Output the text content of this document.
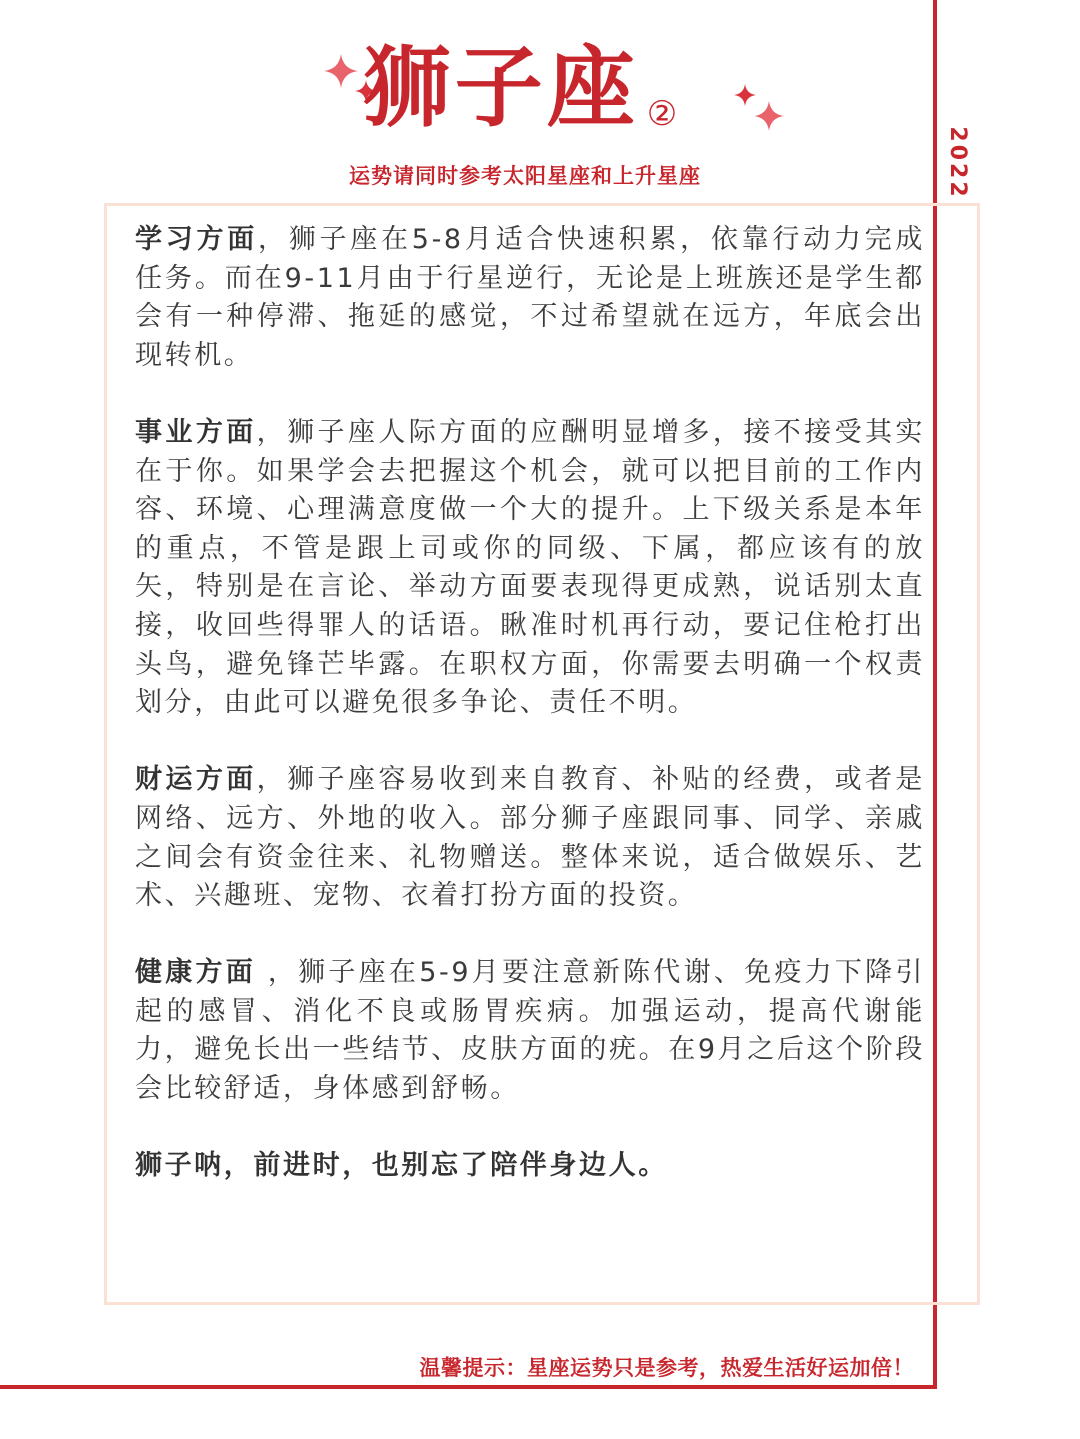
2022
狮子座 ②
运势请同时参考太阳星座和上升星座

学习方面，狮子座在5-8月适合快速积累，依靠行动力完成任务。而在9-11月由于行星逆行，无论是上班族还是学生都会有一种停滞、拖延的感觉，不过希望就在远方，年底会出现转机。

事业方面，狮子座人际方面的应酬明显增多，接不接受其实在于你。如果学会去把握这个机会，就可以把目前的工作内容、环境、心理满意度做一个大的提升。上下级关系是本年的重点，不管是跟上司或你的同级、下属，都应该有的放矢，特别是在言论、举动方面要表现得更成熟，说话别太直接，收回些得罪人的话语。瞅准时机再行动，要记住枪打出头鸟，避免锋芒毕露。在职权方面，你需要去明确一个权责划分，由此可以避免很多争论、责任不明。

财运方面，狮子座容易收到来自教育、补贴的经费，或者是网络、远方、外地的收入。部分狮子座跟同事、同学、亲戚之间会有资金往来、礼物赠送。整体来说，适合做娱乐、艺术、兴趣班、宠物、衣着打扮方面的投资。

健康方面 ，狮子座在5-9月要注意新陈代谢、免疫力下降引起的感冒、消化不良或肠胃疾病。加强运动，提高代谢能力，避免长出一些结节、皮肤方面的疣。在9月之后这个阶段会比较舒适，身体感到舒畅。

狮子呐，前进时，也别忘了陪伴身边人。

温馨提示：星座运势只是参考，热爱生活好运加倍！
